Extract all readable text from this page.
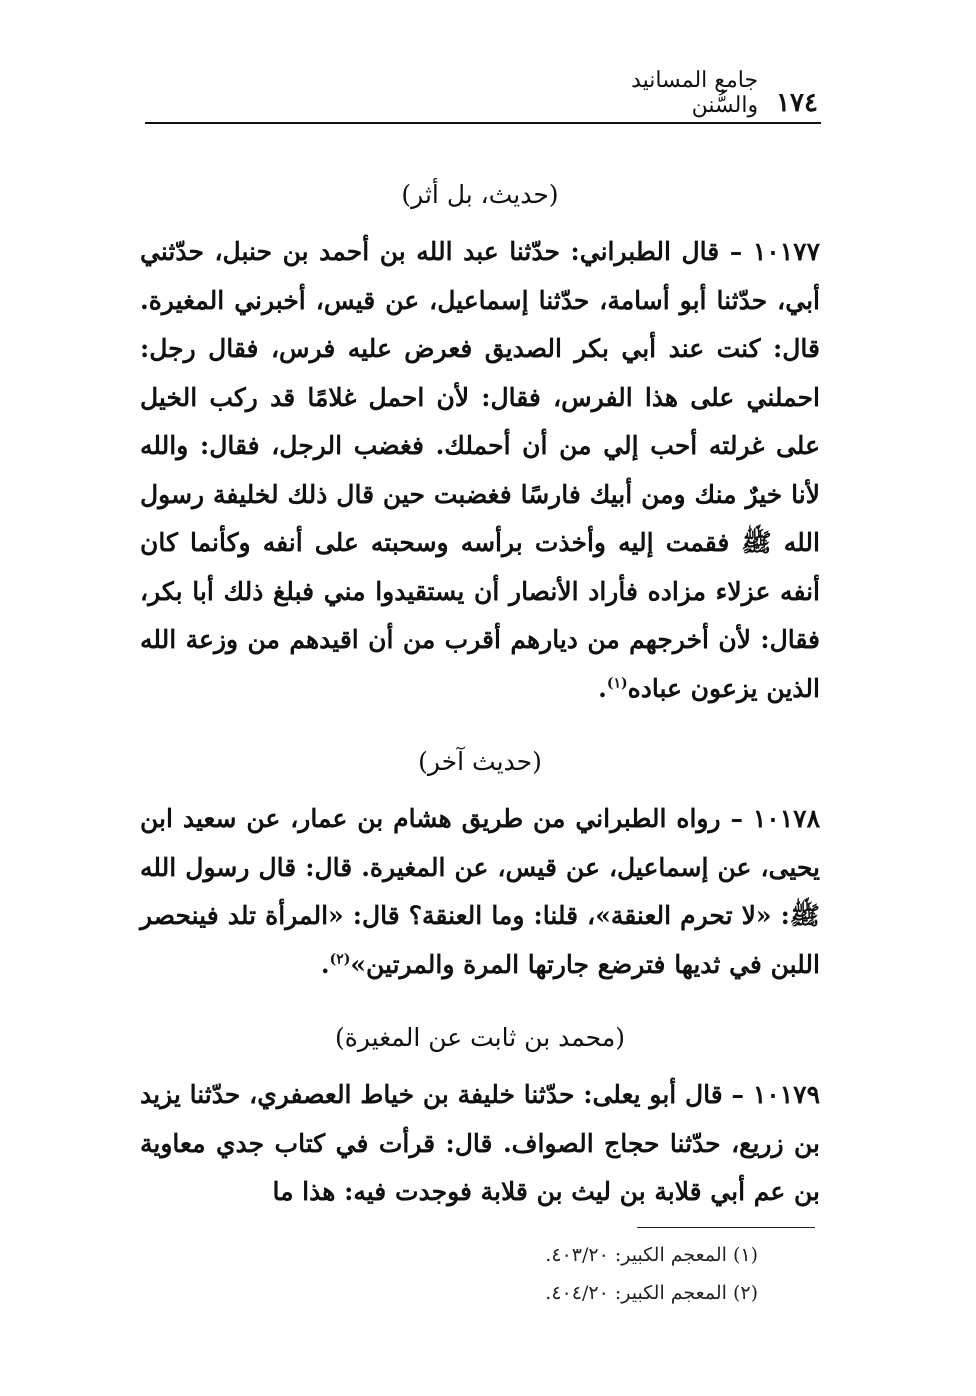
١٧٤
جامع المسانيد والسُّنن
(حديث، بل أثر)

١٠١٧٧ – قال الطبراني: حدّثنا عبد الله بن أحمد بن حنبل، حدّثني أبي، حدّثنا أبو أسامة، حدّثنا إسماعيل، عن قيس، أخبرني المغيرة. قال: كنت عند أبي بكر الصديق فعرض عليه فرس، فقال رجل: احملني على هذا الفرس، فقال: لأن احمل غلامًا قد ركب الخيل على غرلته أحب إلي من أن أحملك. فغضب الرجل، فقال: والله لأنا خيرٌ منك ومن أبيك فارسًا فغضبت حين قال ذلك لخليفة رسول الله ﷺ فقمت إليه وأخذت برأسه وسحبته على أنفه وكأنما كان أنفه عزلاء مزاده فأراد الأنصار أن يستقيدوا مني فبلغ ذلك أبا بكر، فقال: لأن أخرجهم من ديارهم أقرب من أن اقيدهم من وزعة الله الذين يزعون عباده$^{(١)}$.

(حديث آخر)

١٠١٧٨ – رواه الطبراني من طريق هشام بن عمار، عن سعيد ابن يحيى، عن إسماعيل، عن قيس، عن المغيرة. قال: قال رسول الله ﷺ: «لا تحرم العنقة»، قلنا: وما العنقة؟ قال: «المرأة تلد فينحصر اللبن في ثديها فترضع جارتها المرة والمرتين»$^{(٢)}$.

(محمد بن ثابت عن المغيرة)

١٠١٧٩ – قال أبو يعلى: حدّثنا خليفة بن خياط العصفري، حدّثنا يزيد بن زريع، حدّثنا حجاج الصواف. قال: قرأت في كتاب جدي معاوية بن عم أبي قلابة بن ليث بن قلابة فوجدت فيه: هذا ما

(١) المعجم الكبير: ٤٠٣/٢٠.
(٢) المعجم الكبير: ٤٠٤/٢٠.
